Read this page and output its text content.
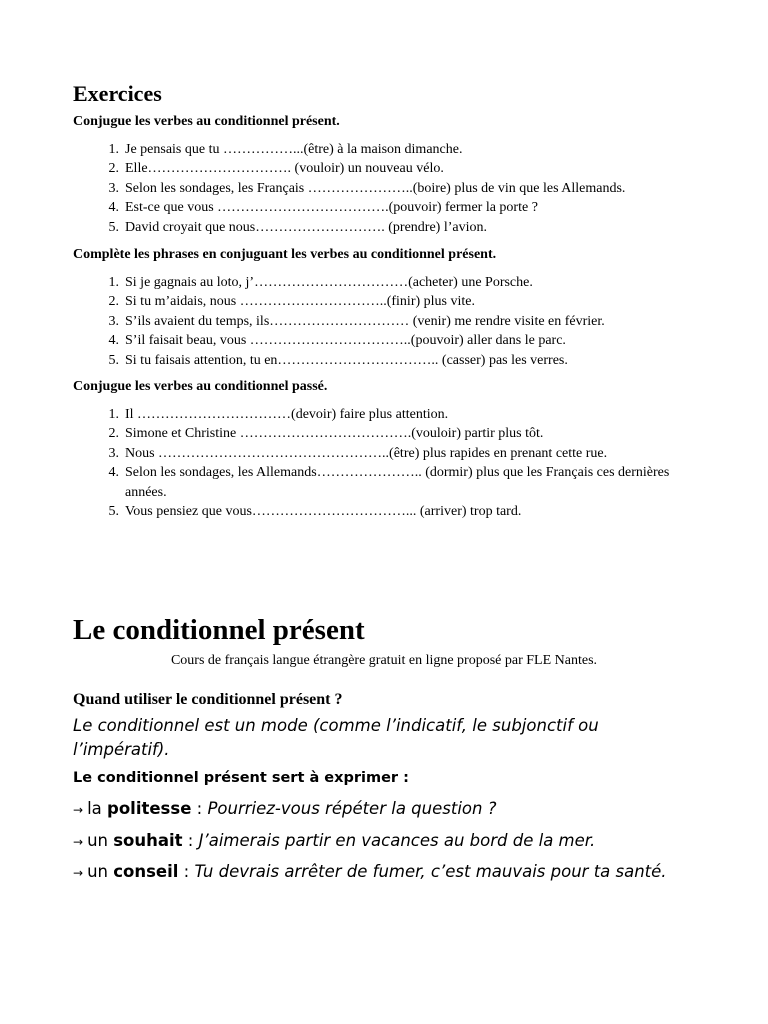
Exercices

Conjugue les verbes au conditionnel présent.

1. Je pensais que tu ……………...(être) à la maison dimanche.
2. Elle…………………………. (vouloir) un nouveau vélo.
3. Selon les sondages, les Français …………………..(boire) plus de vin que les Allemands.
4. Est-ce que vous ……………………………….(pouvoir) fermer la porte ?
5. David croyait que nous………………………. (prendre) l’avion.

Complète les phrases en conjuguant les verbes au conditionnel présent.

1. Si je gagnais au loto, j’……………………………(acheter) une Porsche.
2. Si tu m’aidais, nous …………………………..(finir) plus vite.
3. S’ils avaient du temps, ils………………………… (venir) me rendre visite en février.
4. S’il faisait beau, vous ……………………………..(pouvoir) aller dans le parc.
5. Si tu faisais attention, tu en…………………………….. (casser) pas les verres.

Conjugue les verbes au conditionnel passé.

1. Il ……………………………(devoir) faire plus attention.
2. Simone et Christine ……………………………….(vouloir) partir plus tôt.
3. Nous …………………………………………..(être) plus rapides en prenant cette rue.
4. Selon les sondages, les Allemands………………….. (dormir) plus que les Français ces dernières années.
5. Vous pensiez que vous……………………………... (arriver) trop tard.
Le conditionnel présent

Cours de français langue étrangère gratuit en ligne proposé par FLE Nantes.

Quand utiliser le conditionnel présent ?

Le conditionnel est un mode (comme l’indicatif, le subjonctif ou l’impératif).

Le conditionnel présent sert à exprimer :

→ la politesse : Pourriez-vous répéter la question ?

→ un souhait : J’aimerais partir en vacances au bord de la mer.

→ un conseil : Tu devrais arrêter de fumer, c’est mauvais pour ta santé.
